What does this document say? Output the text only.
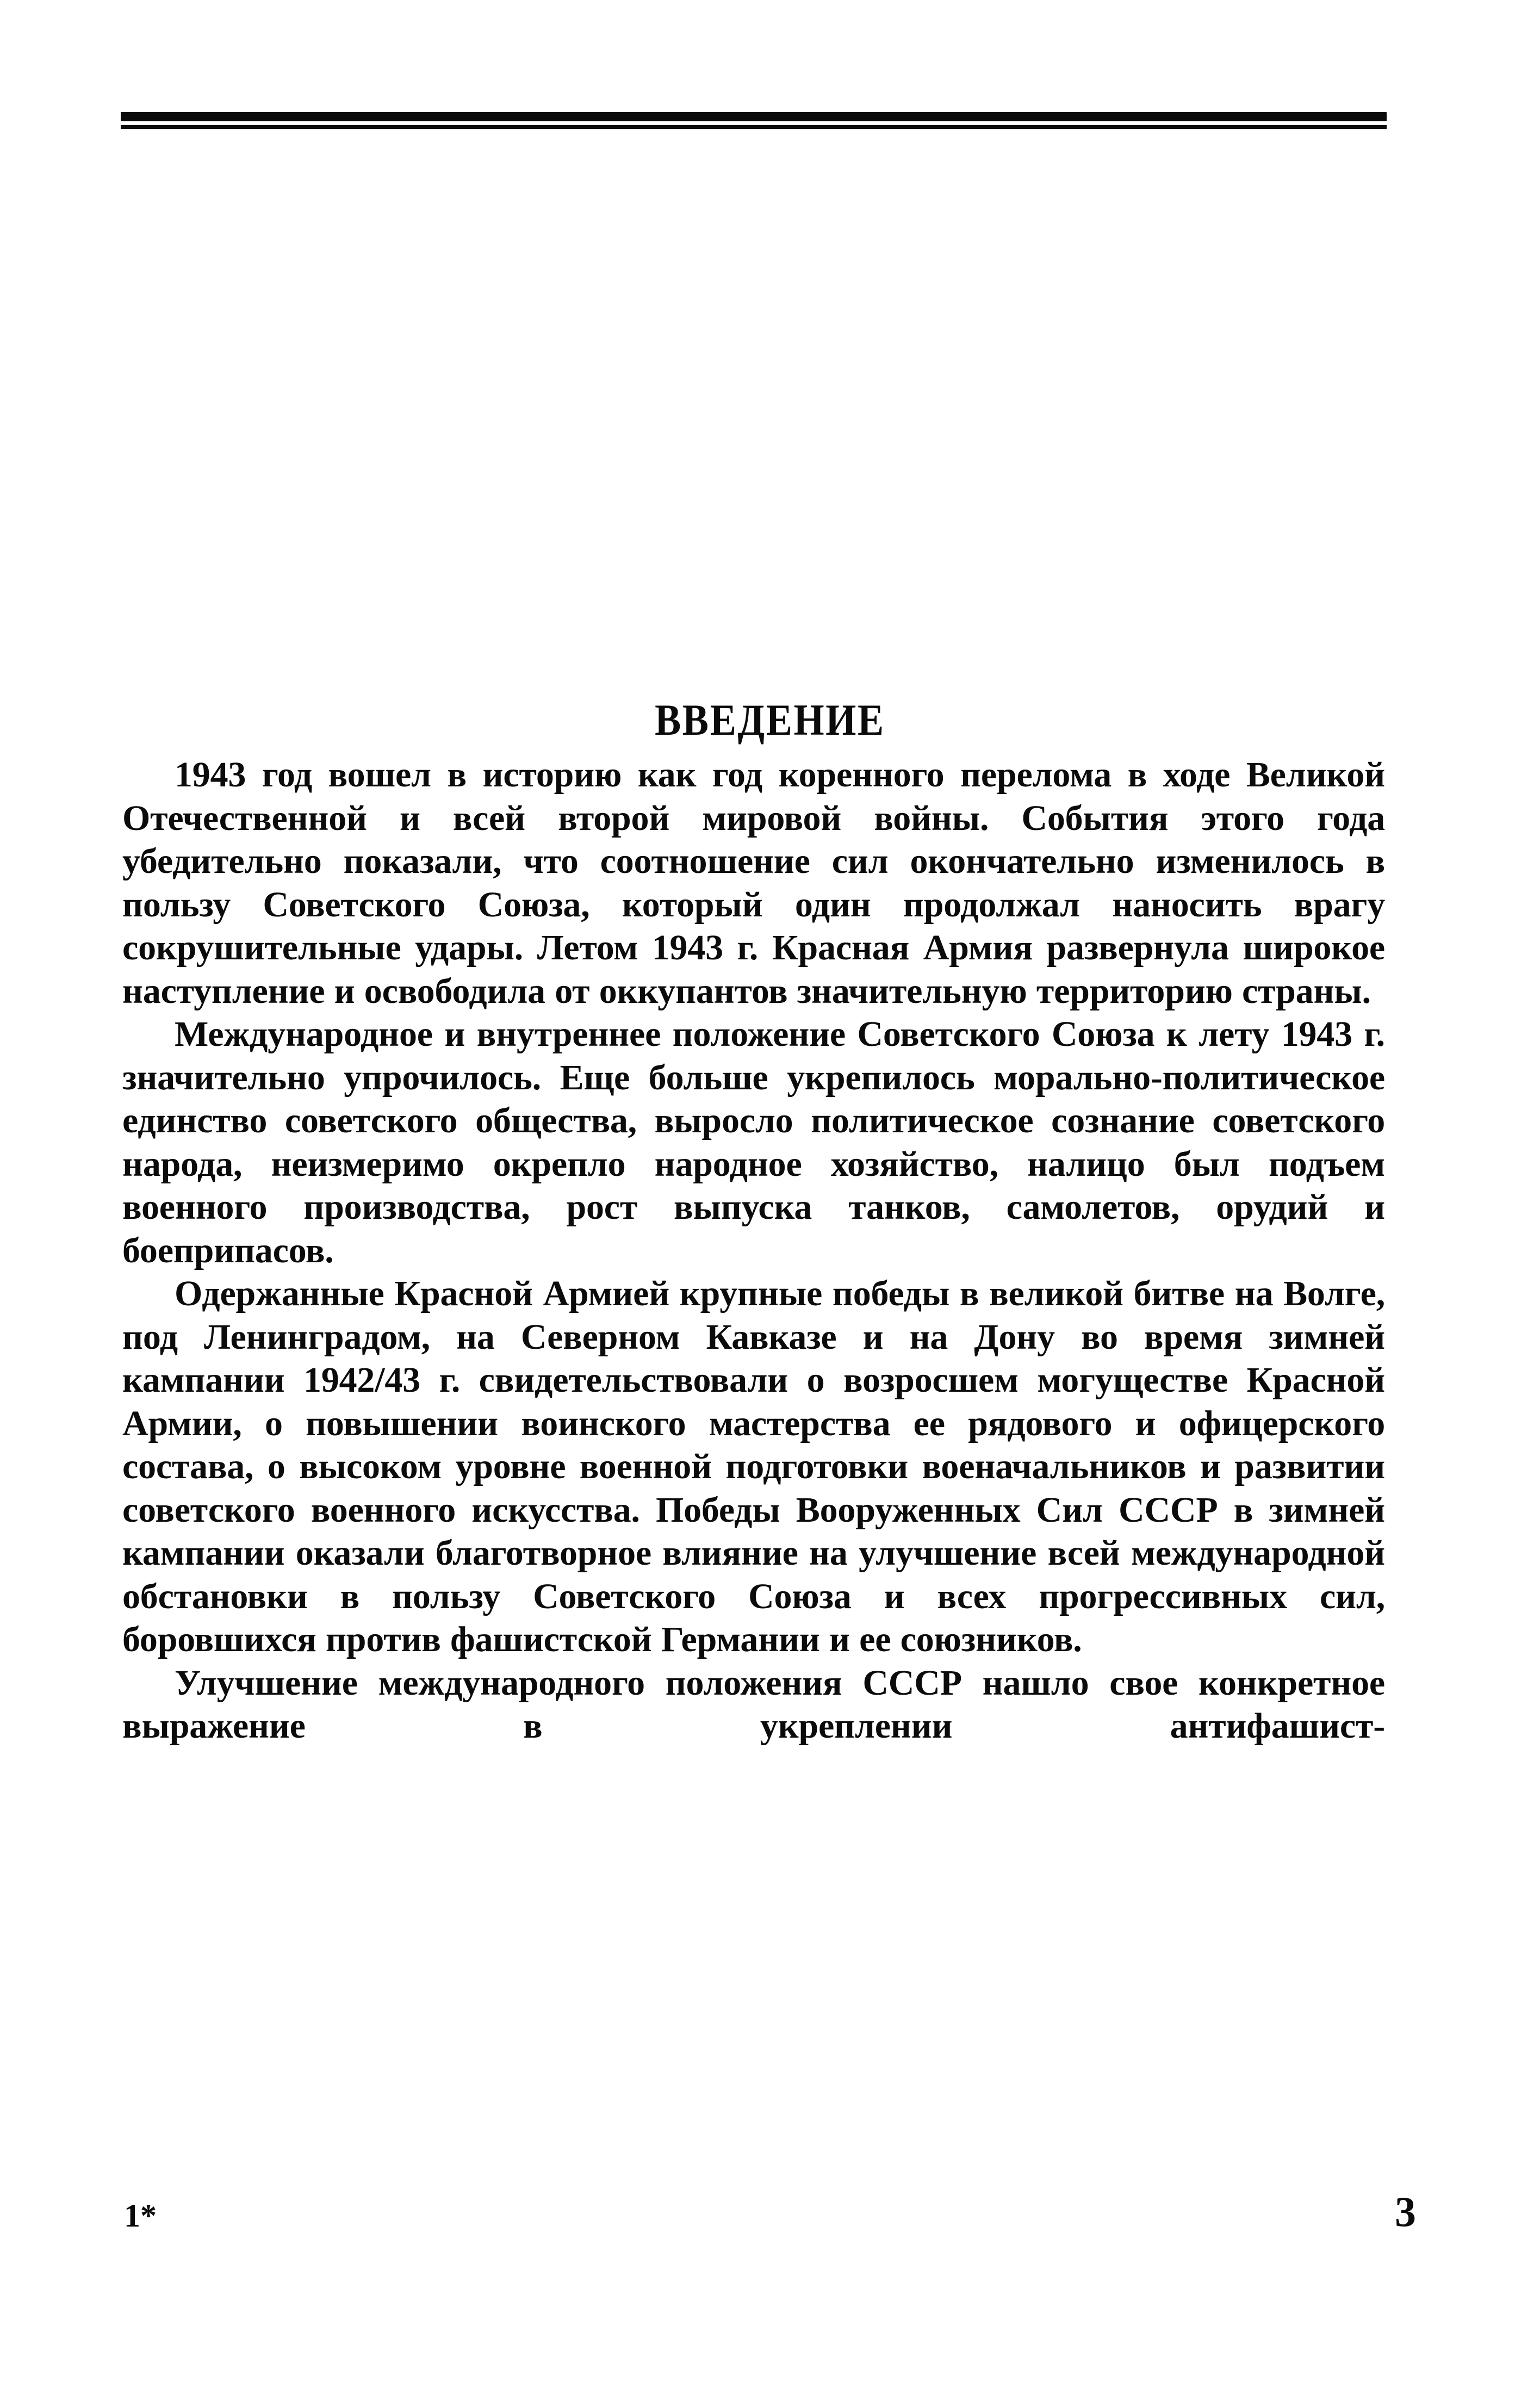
ВВЕДЕНИЕ

1943 год вошел в историю как год коренного перелома в ходе Великой Отечественной и всей второй мировой войны. События этого года убедительно показали, что соотношение сил окончательно изменилось в пользу Советского Союза, который один продолжал наносить врагу сокрушительные удары. Летом 1943 г. Красная Армия развернула широкое наступление и освободила от оккупантов значительную территорию страны.

Международное и внутреннее положение Советского Союза к лету 1943 г. значительно упрочилось. Еще больше укрепилось морально-политическое единство советского общества, выросло политическое сознание советского народа, неизмеримо окрепло народное хозяйство, налицо был подъем военного производства, рост выпуска танков, самолетов, орудий и боеприпасов.

Одержанные Красной Армией крупные победы в великой битве на Волге, под Ленинградом, на Северном Кавказе и на Дону во время зимней кампании 1942/43 г. свидетельствовали о возросшем могуществе Красной Армии, о повышении воинского мастерства ее рядового и офицерского состава, о высоком уровне военной подготовки военачальников и развитии советского военного искусства. Победы Вооруженных Сил СССР в зимней кампании оказали благотворное влияние на улучшение всей международной обстановки в пользу Советского Союза и всех прогрессивных сил, боровшихся против фашистской Германии и ее союзников.

Улучшение международного положения СССР нашло свое конкретное выражение в укреплении антифашист-

1*	3
